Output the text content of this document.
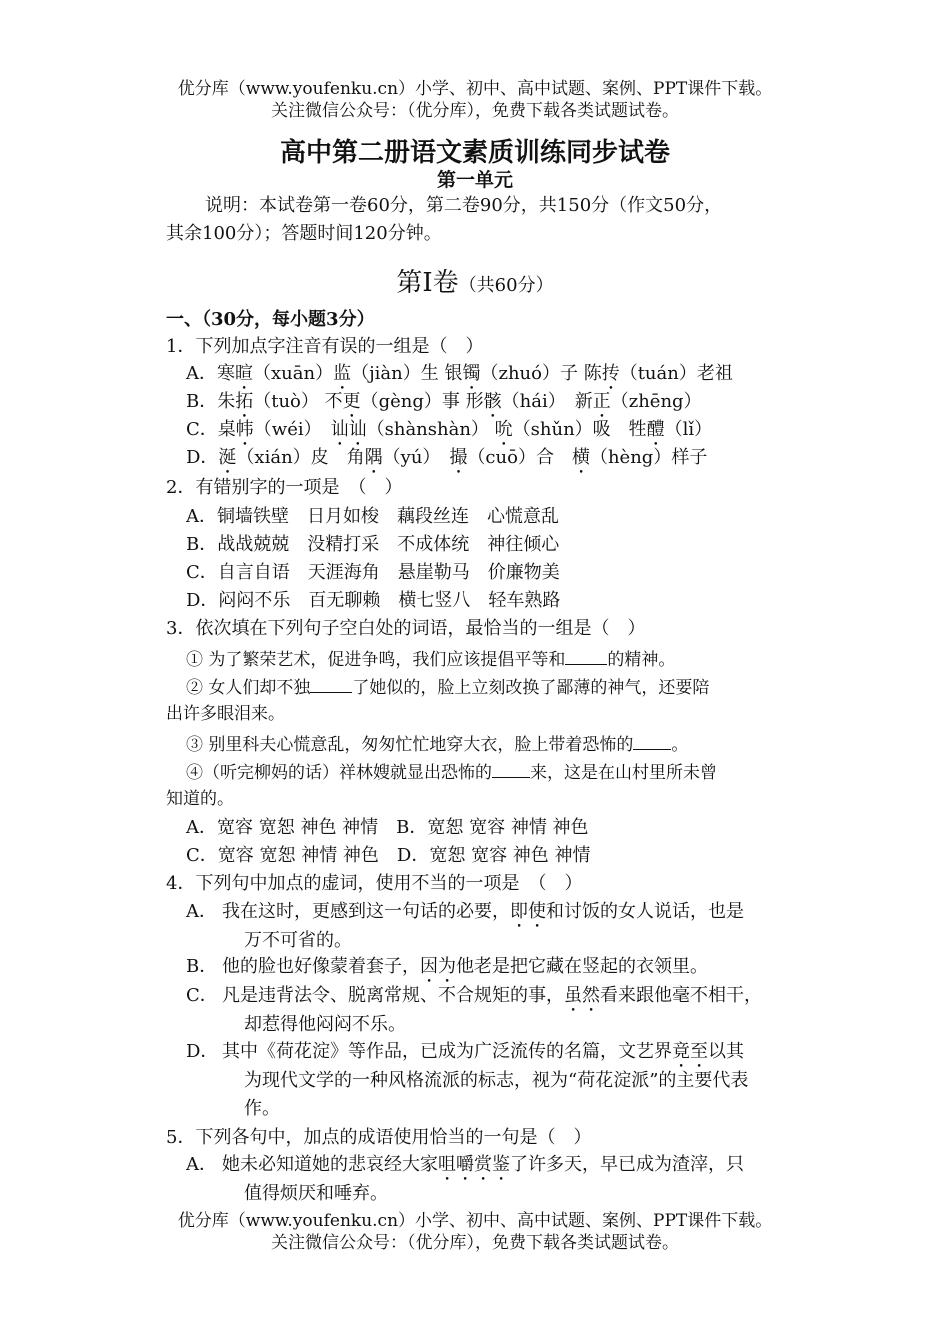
优分库（www.youfenku.cn）小学、初中、高中试题、案例、PPT课件下载。
关注微信公众号：（优分库），免费下载各类试题试卷。
高中第二册语文素质训练同步试卷
第一单元
说明：本试卷第一卷60分，第二卷90分，共150分（作文50分，
其余100分）；答题时间120分钟。
第Ⅰ卷（共60分）
一、（30分，每小题3分）
1．下列加点字注音有误的一组是（　）
A．寒暄（xuān）监（jiàn）生 银镯（zhuó）子 陈抟（tuán）老祖
B．朱拓（tuò） 不更（gèng）事 形骸（hái）　新正（zhēng）
C．桌帏（wéi）　讪讪（shànshàn） 吮（shǔn）吸　牲醴（lǐ）
D．涎（xián）皮　角隅（yú）　撮（cuō）合　横（hèng）样子
2．有错别字的一项是　（　）
A．铜墙铁壁　日月如梭　藕段丝连　心慌意乱
B．战战兢兢　没精打采　不成体统　神往倾心
C．自言自语　天涯海角　悬崖勒马　价廉物美
D．闷闷不乐　百无聊赖　横七竖八　轻车熟路
3．依次填在下列句子空白处的词语，最恰当的一组是（　）
① 为了繁荣艺术，促进争鸣，我们应该提倡平等和 的精神。
② 女人们却不独 了她似的，脸上立刻改换了鄙薄的神气，还要陪
出许多眼泪来。
③ 别里科夫心慌意乱，匆匆忙忙地穿大衣，脸上带着恐怖的 。
④（听完柳妈的话）祥林嫂就显出恐怖的 来，这是在山村里所未曾
知道的。
A．宽容 宽恕 神色 神情　B．宽恕 宽容 神情 神色
C．宽容 宽恕 神情 神色　D．宽恕 宽容 神色 神情
4．下列句中加点的虚词，使用不当的一项是　（　）
A． 我在这时，更感到这一句话的必要，即使和讨饭的女人说话，也是
万不可省的。
B． 他的脸也好像蒙着套子，因为他老是把它藏在竖起的衣领里。
C． 凡是违背法令、脱离常规、不合规矩的事，虽然看来跟他毫不相干，
却惹得他闷闷不乐。
D． 其中《荷花淀》等作品，已成为广泛流传的名篇，文艺界竟至以其
为现代文学的一种风格流派的标志，视为“荷花淀派”的主要代表
作。
5．下列各句中，加点的成语使用恰当的一句是（　）
A． 她未必知道她的悲哀经大家咀嚼赏鉴了许多天，早已成为渣滓，只
值得烦厌和唾弃。
优分库（www.youfenku.cn）小学、初中、高中试题、案例、PPT课件下载。
关注微信公众号：（优分库），免费下载各类试题试卷。
